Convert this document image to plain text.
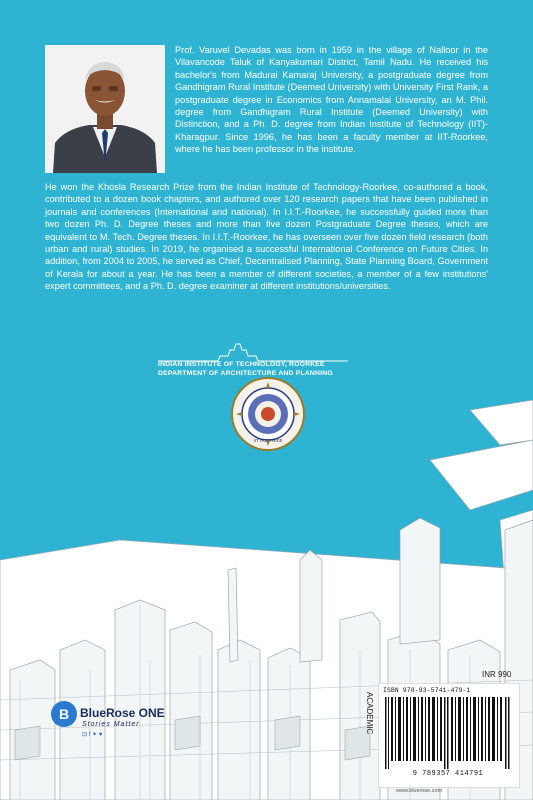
Prof. Varuvel Devadas was born in 1959 in the village of Nalloor in the Vilavancode Taluk of Kanyakumari District, Tamil Nadu. He received his bachelor's from Madurai Kamaraj University, a postgraduate degree from Gandhigram Rural Institute (Deemed University) with University First Rank, a postgraduate degree in Economics from Annamalai University, an M. Phil. degree from Gandhigram Rural Institute (Deemed University) with Distinction, and a Ph. D. degree from Indian Institute of Technology (IIT)-Kharagpur. Since 1996, he has been a faculty member at IIT-Roorkee, where he has been professor in the institute.
He won the Khosla Research Prize from the Indian Institute of Technology-Roorkee, co-authored a book, contributed to a dozen book chapters, and authored over 120 research papers that have been published in journals and conferences (International and national). In I.I.T.-Roorkee, he successfully guided more than two dozen Ph. D. Degree theses and more than five dozen Postgraduate Degree theses, which are equivalent to M. Tech. Degree theses. In I.I.T.-Roorkee, he has overseen over five dozen field research (both urban and rural) studies. In 2019, he organised a successful International Conference on Future Cities. In addition, from 2004 to 2005, he served as Chief, Decentralised Planning, State Planning Board, Government of Kerala for about a year. He has been a member of different societies, a member of a few institutions' expert committees, and a Ph. D. degree examiner at different institutions/universities.
INDIAN INSTITUTE OF TECHNOLOGY, ROORKEE
DEPARTMENT OF ARCHITECTURE AND PLANNING
IIT ROORKEE
B BlueRose ONE
Stories Matter
⊡ f ✦ ♥
INR 990
ACADEMIC
ISBN 978-93-5741-479-1
9 789357 414791
www.bluerose.com
